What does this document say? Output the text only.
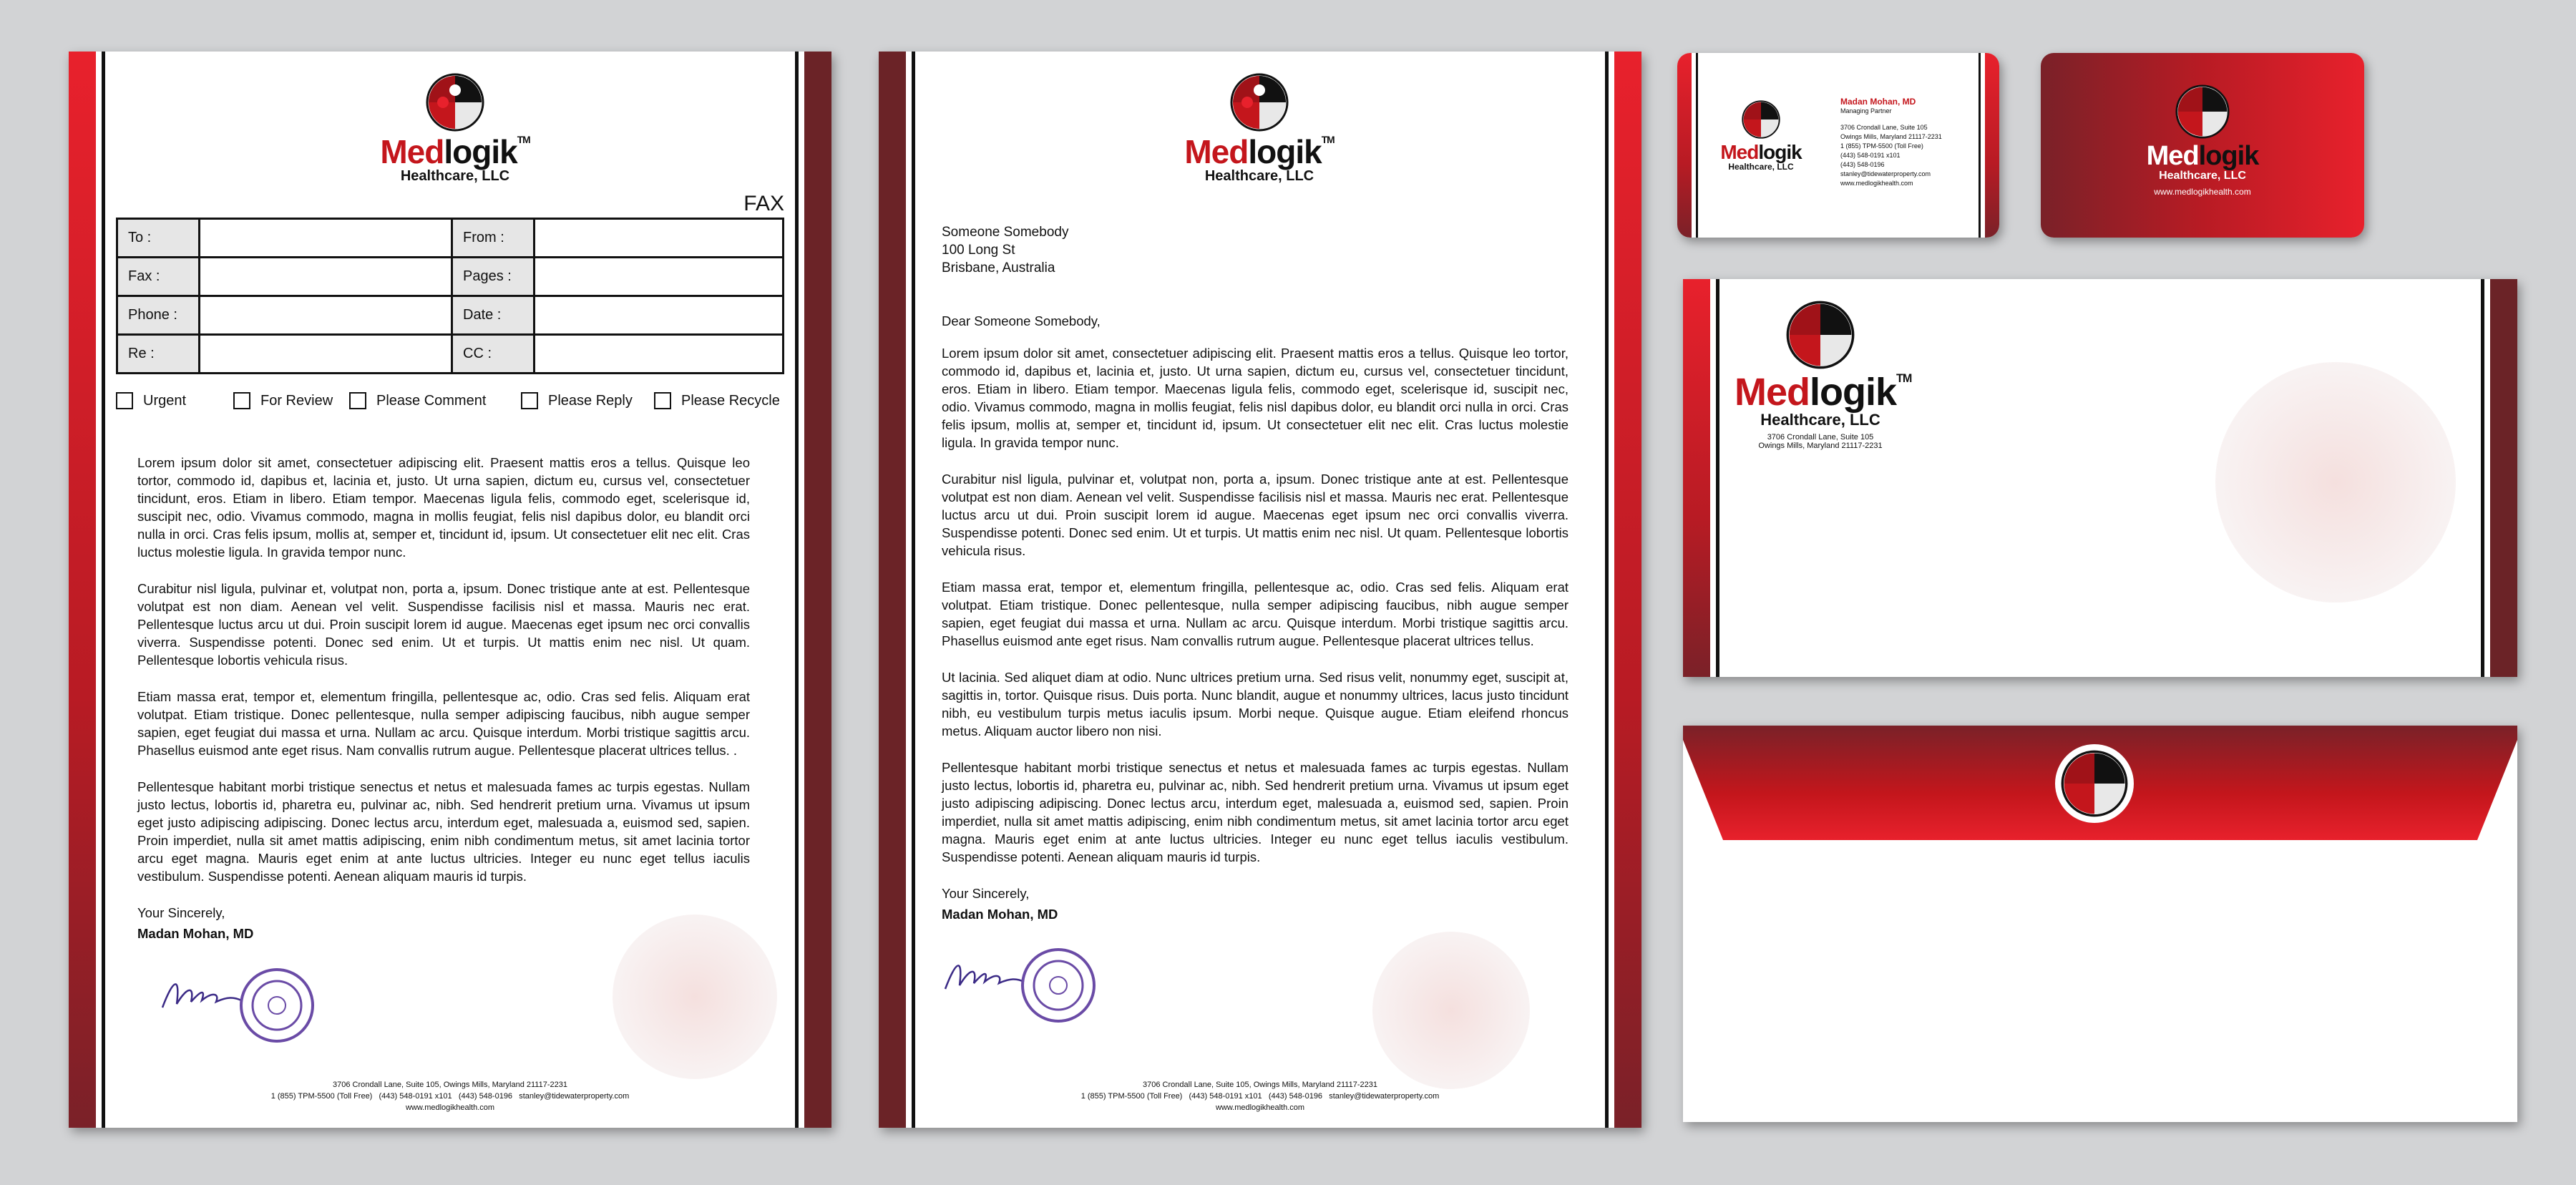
Medlogik™
Healthcare, LLC
FAX
To :		From :	
Fax :		Pages :	
Phone :		Date :	
Re :		CC :	
Urgent	For Review	Please Comment	Please Reply	Please Recycle

Lorem ipsum dolor sit amet, consectetuer adipiscing elit. Praesent mattis eros a tellus. Quisque leo tortor, commodo id, dapibus et, lacinia et, justo. Ut urna sapien, dictum eu, cursus vel, consectetuer tincidunt, eros. Etiam in libero. Etiam tempor. Maecenas ligula felis, commodo eget, scelerisque id, suscipit nec, odio. Vivamus commodo, magna in mollis feugiat, felis nisl dapibus dolor, eu blandit orci nulla in orci. Cras felis ipsum, mollis at, semper et, tincidunt id, ipsum. Ut consectetuer elit nec elit. Cras luctus molestie ligula. In gravida tempor nunc.

Curabitur nisl ligula, pulvinar et, volutpat non, porta a, ipsum. Donec tristique ante at est. Pellentesque volutpat est non diam. Aenean vel velit. Suspendisse facilisis nisl et massa. Mauris nec erat. Pellentesque luctus arcu ut dui. Proin suscipit lorem id augue. Maecenas eget ipsum nec orci convallis viverra. Suspendisse potenti. Donec sed enim. Ut et turpis. Ut mattis enim nec nisl. Ut quam. Pellentesque lobortis vehicula risus.

Etiam massa erat, tempor et, elementum fringilla, pellentesque ac, odio. Cras sed felis. Aliquam erat volutpat. Etiam tristique. Donec pellentesque, nulla semper adipiscing faucibus, nibh augue semper sapien, eget feugiat dui massa et urna. Nullam ac arcu. Quisque interdum. Morbi tristique sagittis arcu. Phasellus euismod ante eget risus. Nam convallis rutrum augue. Pellentesque placerat ultrices tellus. .

Pellentesque habitant morbi tristique senectus et netus et malesuada fames ac turpis egestas. Nullam justo lectus, lobortis id, pharetra eu, pulvinar ac, nibh. Sed hendrerit pretium urna. Vivamus ut ipsum eget justo adipiscing adipiscing. Donec lectus arcu, interdum eget, malesuada a, euismod sed, sapien. Proin imperdiet, nulla sit amet mattis adipiscing, enim nibh condimentum metus, sit amet lacinia tortor arcu eget magna. Mauris eget enim at ante luctus ultricies. Integer eu nunc eget tellus iaculis vestibulum. Suspendisse potenti. Aenean aliquam mauris id turpis.

Your Sincerely,

Madan Mohan, MD

3706 Crondall Lane, Suite 105, Owings Mills, Maryland 21117-2231
1 (855) TPM-5500 (Toll Free) (443) 548-0191 x101 (443) 548-0196 stanley@tidewaterproperty.com
www.medlogikhealth.com
Medlogik™
Healthcare, LLC
Someone Somebody
100 Long St
Brisbane, Australia

Dear Someone Somebody,

Lorem ipsum dolor sit amet, consectetuer adipiscing elit. Praesent mattis eros a tellus. Quisque leo tortor, commodo id, dapibus et, lacinia et, justo. Ut urna sapien, dictum eu, cursus vel, consectetuer tincidunt, eros. Etiam in libero. Etiam tempor. Maecenas ligula felis, commodo eget, scelerisque id, suscipit nec, odio. Vivamus commodo, magna in mollis feugiat, felis nisl dapibus dolor, eu blandit orci nulla in orci. Cras felis ipsum, mollis at, semper et, tincidunt id, ipsum. Ut consectetuer elit nec elit. Cras luctus molestie ligula. In gravida tempor nunc.

Curabitur nisl ligula, pulvinar et, volutpat non, porta a, ipsum. Donec tristique ante at est. Pellentesque volutpat est non diam. Aenean vel velit. Suspendisse facilisis nisl et massa. Mauris nec erat. Pellentesque luctus arcu ut dui. Proin suscipit lorem id augue. Maecenas eget ipsum nec orci convallis viverra. Suspendisse potenti. Donec sed enim. Ut et turpis. Ut mattis enim nec nisl. Ut quam. Pellentesque lobortis vehicula risus.

Etiam massa erat, tempor et, elementum fringilla, pellentesque ac, odio. Cras sed felis. Aliquam erat volutpat. Etiam tristique. Donec pellentesque, nulla semper adipiscing faucibus, nibh augue semper sapien, eget feugiat dui massa et urna. Nullam ac arcu. Quisque interdum. Morbi tristique sagittis arcu. Phasellus euismod ante eget risus. Nam convallis rutrum augue. Pellentesque placerat ultrices tellus.

Ut lacinia. Sed aliquet diam at odio. Nunc ultrices pretium urna. Sed risus velit, nonummy eget, suscipit at, sagittis in, tortor. Quisque risus. Duis porta. Nunc blandit, augue et nonummy ultrices, lacus justo tincidunt nibh, eu vestibulum turpis metus iaculis ipsum. Morbi neque. Quisque augue. Etiam eleifend rhoncus metus. Aliquam auctor libero non nisi.

Pellentesque habitant morbi tristique senectus et netus et malesuada fames ac turpis egestas. Nullam justo lectus, lobortis id, pharetra eu, pulvinar ac, nibh. Sed hendrerit pretium urna. Vivamus ut ipsum eget justo adipiscing adipiscing. Donec lectus arcu, interdum eget, malesuada a, euismod sed, sapien. Proin imperdiet, nulla sit amet mattis adipiscing, enim nibh condimentum metus, sit amet lacinia tortor arcu eget magna. Mauris eget enim at ante luctus ultricies. Integer eu nunc eget tellus iaculis vestibulum. Suspendisse potenti. Aenean aliquam mauris id turpis.

Your Sincerely,

Madan Mohan, MD

3706 Crondall Lane, Suite 105, Owings Mills, Maryland 21117-2231
1 (855) TPM-5500 (Toll Free) (443) 548-0191 x101 (443) 548-0196 stanley@tidewaterproperty.com
www.medlogikhealth.com
Medlogik
Healthcare, LLC
Madan Mohan, MD
Managing Partner
3706 Crondall Lane, Suite 105
Owings Mills, Maryland 21117-2231
1 (855) TPM-5500 (Toll Free)
(443) 548-0191 x101
(443) 548-0196
stanley@tidewaterproperty.com
www.medlogikhealth.com
Medlogik
Healthcare, LLC
www.medlogikhealth.com
Medlogik™
Healthcare, LLC
3706 Crondall Lane, Suite 105
Owings Mills, Maryland 21117-2231
